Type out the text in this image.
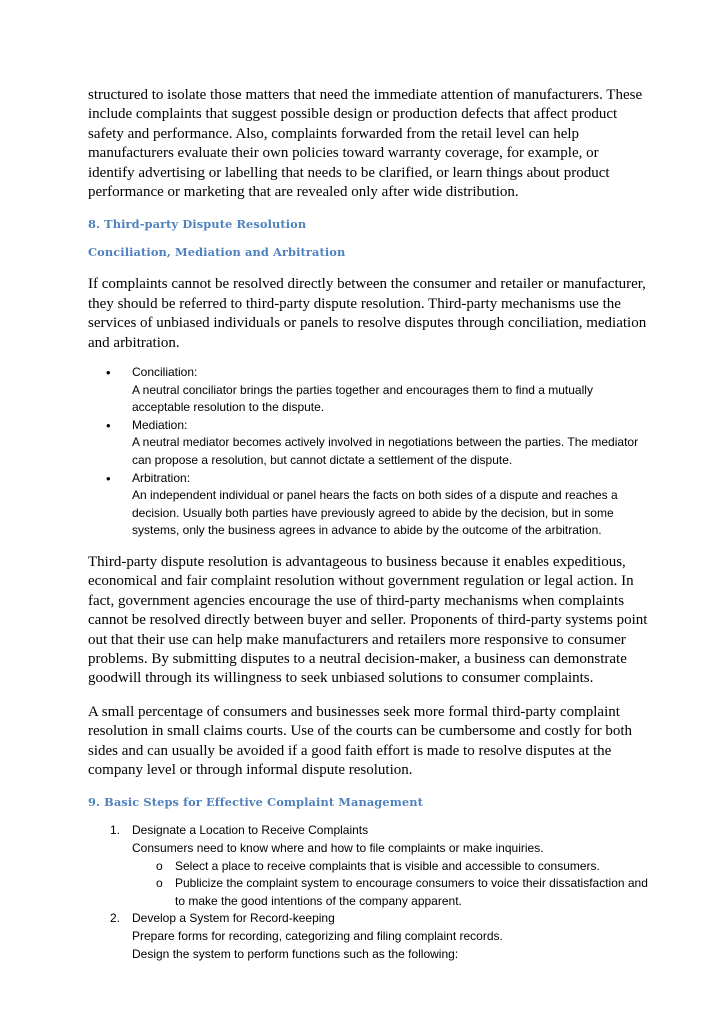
structured to isolate those matters that need the immediate attention of manufacturers. These include complaints that suggest possible design or production defects that affect product safety and performance. Also, complaints forwarded from the retail level can help manufacturers evaluate their own policies toward warranty coverage, for example, or identify advertising or labelling that needs to be clarified, or learn things about product performance or marketing that are revealed only after wide distribution.

8. Third-party Dispute Resolution
Conciliation, Mediation and Arbitration

If complaints cannot be resolved directly between the consumer and retailer or manufacturer, they should be referred to third-party dispute resolution. Third-party mechanisms use the services of unbiased individuals or panels to resolve disputes through conciliation, mediation and arbitration.

• Conciliation:
A neutral conciliator brings the parties together and encourages them to find a mutually acceptable resolution to the dispute.
• Mediation:
A neutral mediator becomes actively involved in negotiations between the parties. The mediator can propose a resolution, but cannot dictate a settlement of the dispute.
• Arbitration:
An independent individual or panel hears the facts on both sides of a dispute and reaches a decision. Usually both parties have previously agreed to abide by the decision, but in some systems, only the business agrees in advance to abide by the outcome of the arbitration.

Third-party dispute resolution is advantageous to business because it enables expeditious, economical and fair complaint resolution without government regulation or legal action. In fact, government agencies encourage the use of third-party mechanisms when complaints cannot be resolved directly between buyer and seller. Proponents of third-party systems point out that their use can help make manufacturers and retailers more responsive to consumer problems. By submitting disputes to a neutral decision-maker, a business can demonstrate goodwill through its willingness to seek unbiased solutions to consumer complaints.

A small percentage of consumers and businesses seek more formal third-party complaint resolution in small claims courts. Use of the courts can be cumbersome and costly for both sides and can usually be avoided if a good faith effort is made to resolve disputes at the company level or through informal dispute resolution.

9. Basic Steps for Effective Complaint Management
1. Designate a Location to Receive Complaints
Consumers need to know where and how to file complaints or make inquiries.
o Select a place to receive complaints that is visible and accessible to consumers.
o Publicize the complaint system to encourage consumers to voice their dissatisfaction and to make the good intentions of the company apparent.
2. Develop a System for Record-keeping
Prepare forms for recording, categorizing and filing complaint records.
Design the system to perform functions such as the following:
